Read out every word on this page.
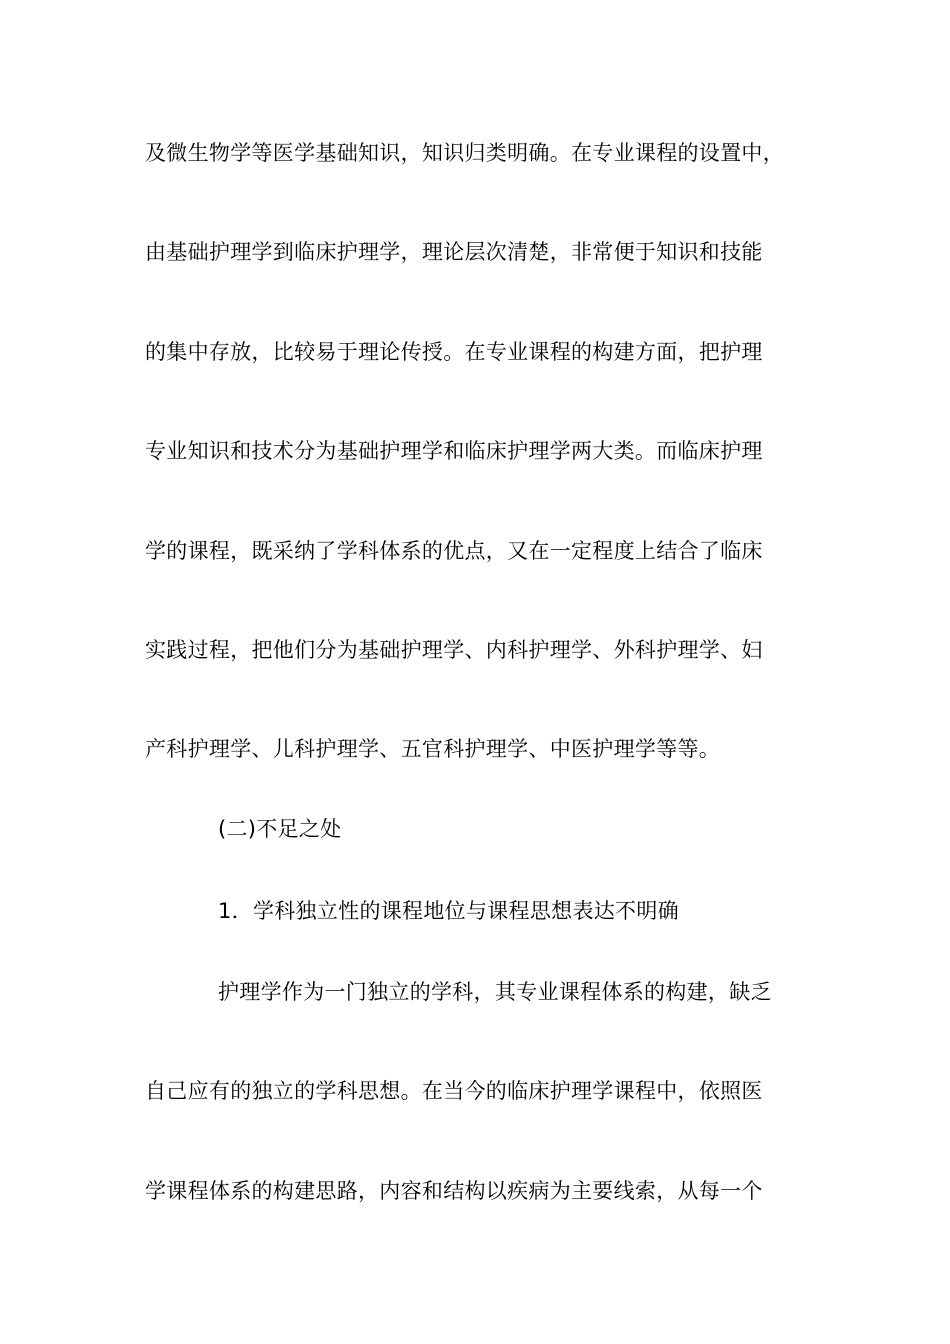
及微生物学等医学基础知识，知识归类明确。在专业课程的设置中，
由基础护理学到临床护理学，理论层次清楚，非常便于知识和技能
的集中存放，比较易于理论传授。在专业课程的构建方面，把护理
专业知识和技术分为基础护理学和临床护理学两大类。而临床护理
学的课程，既采纳了学科体系的优点，又在一定程度上结合了临床
实践过程，把他们分为基础护理学、内科护理学、外科护理学、妇
产科护理学、儿科护理学、五官科护理学、中医护理学等等。
(二)不足之处
1．学科独立性的课程地位与课程思想表达不明确
护理学作为一门独立的学科，其专业课程体系的构建，缺乏
自己应有的独立的学科思想。在当今的临床护理学课程中，依照医
学课程体系的构建思路，内容和结构以疾病为主要线索，从每一个
